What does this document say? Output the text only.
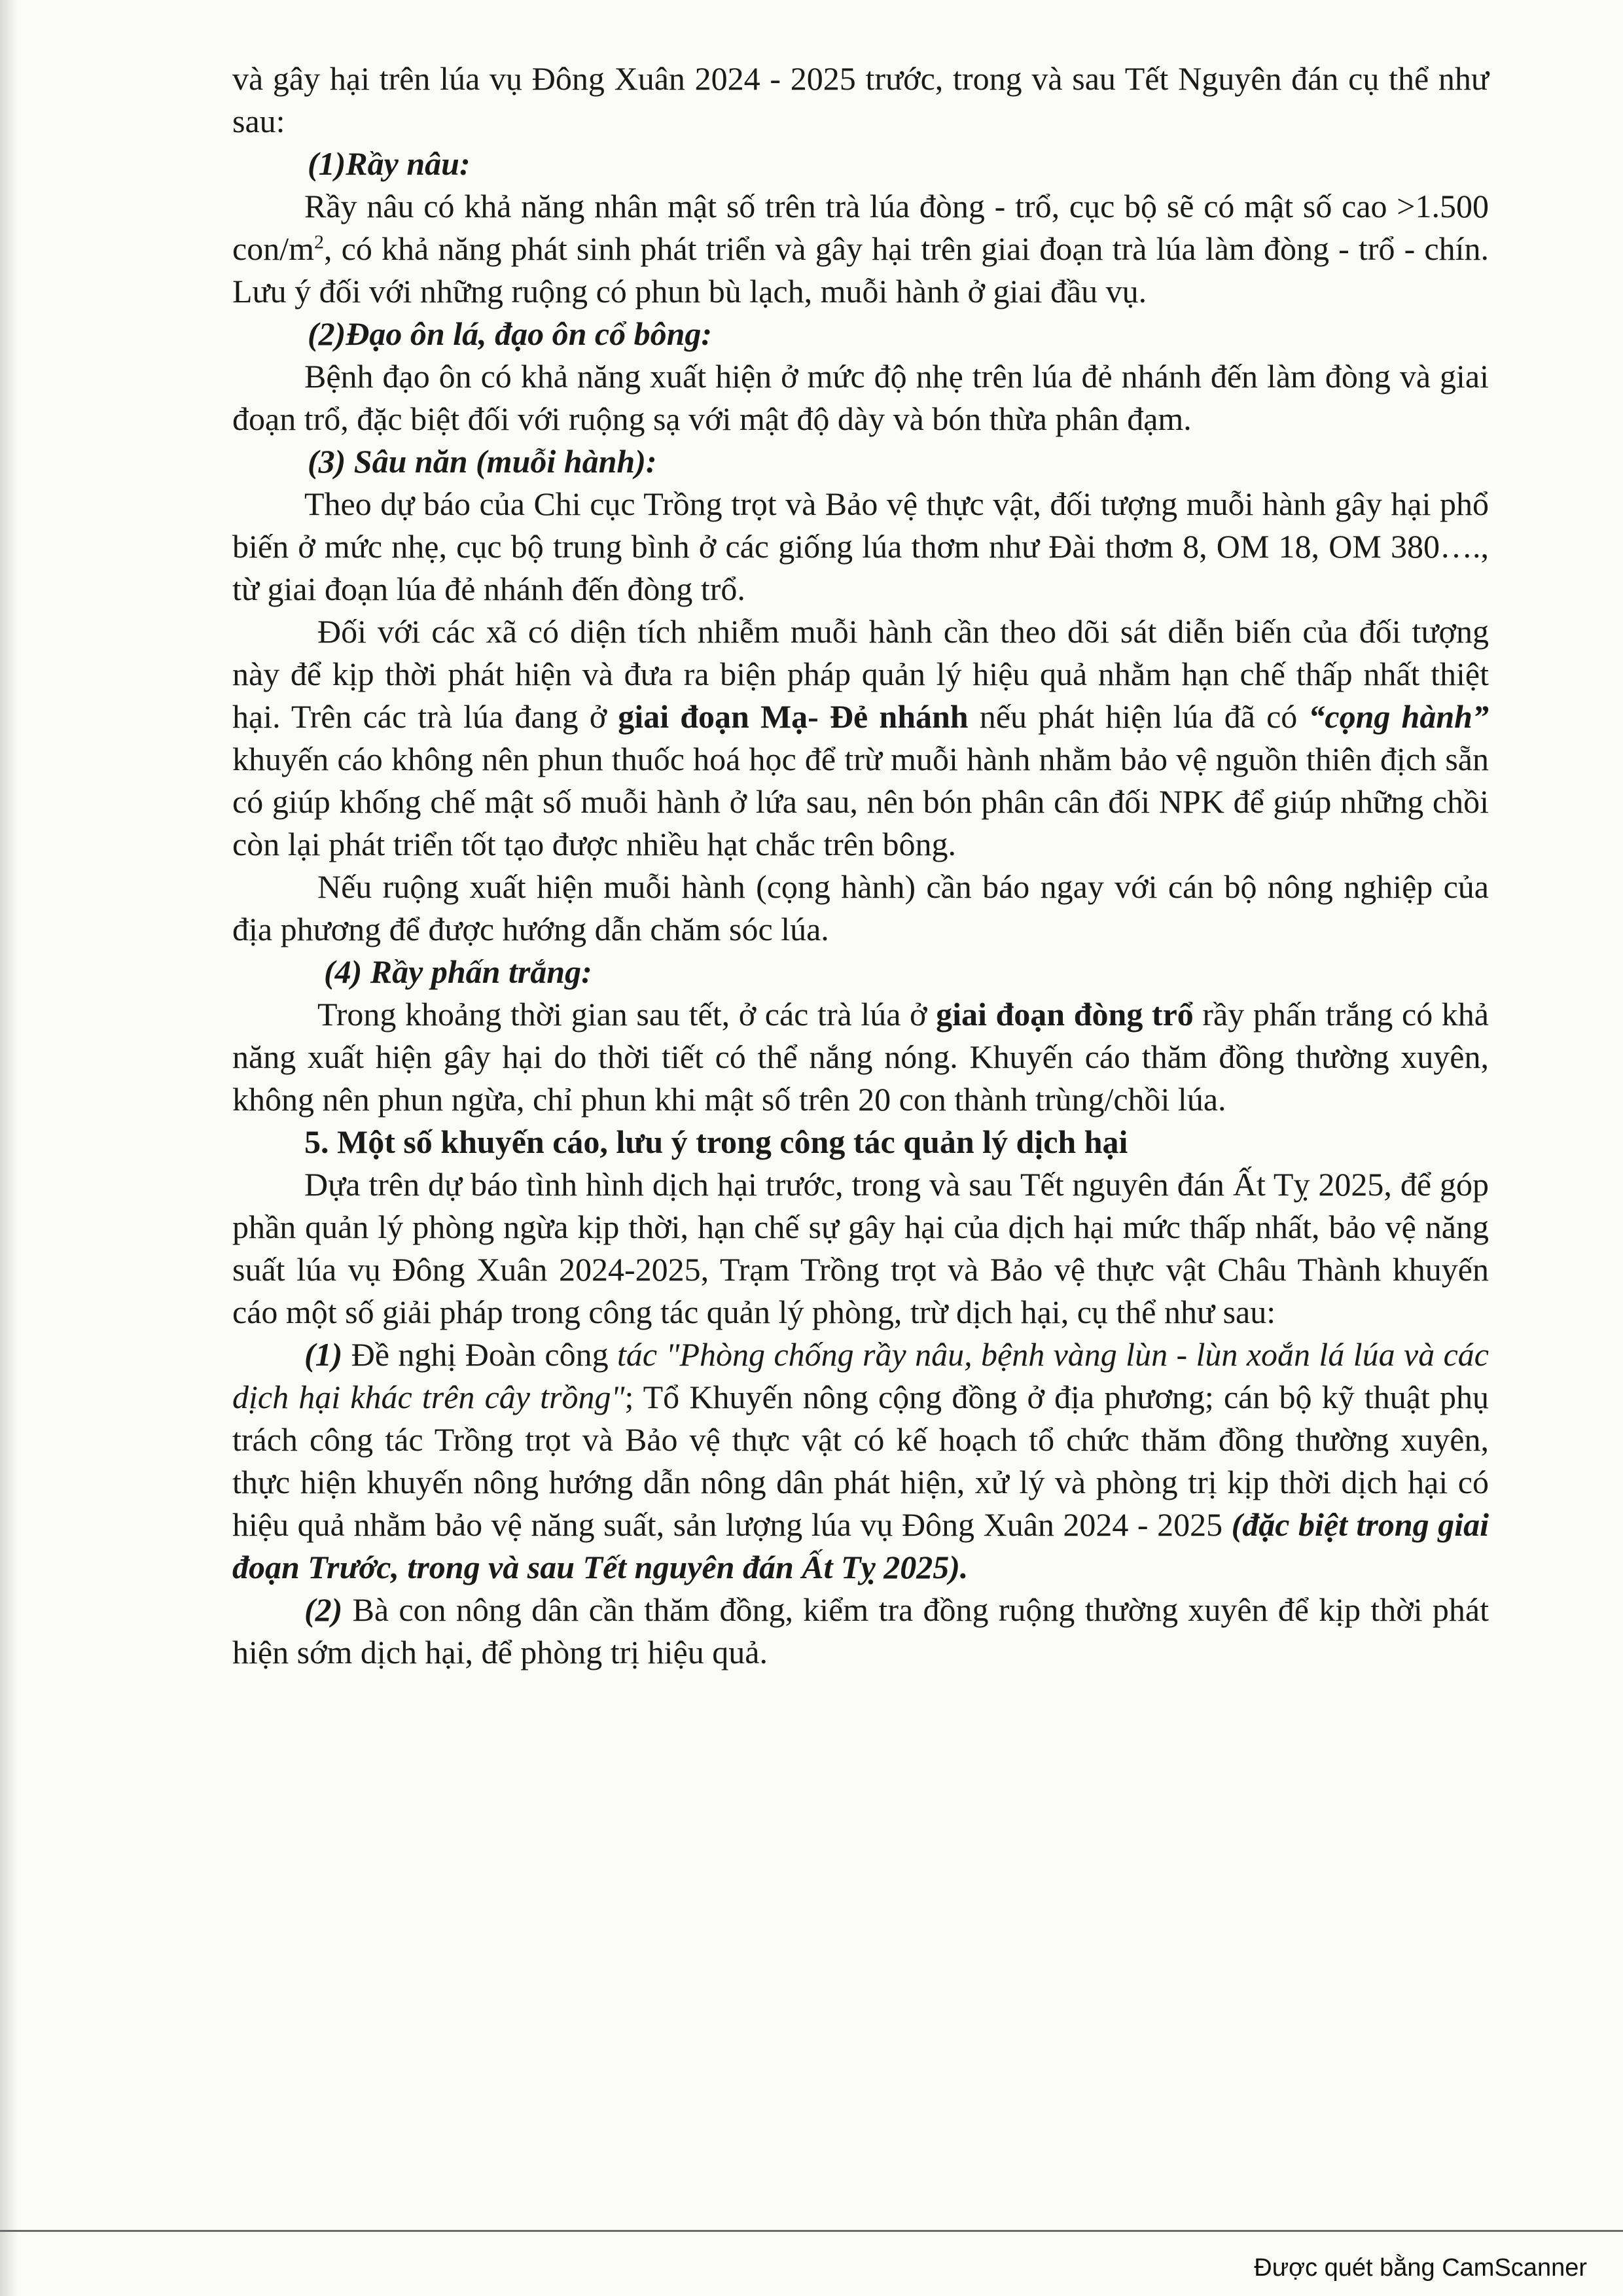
và gây hại trên lúa vụ Đông Xuân 2024 - 2025 trước, trong và sau Tết Nguyên đán cụ thể như sau:

(1)Rầy nâu:

Rầy nâu có khả năng nhân mật số trên trà lúa đòng - trổ, cục bộ sẽ có mật số cao >1.500 con/$m^2$, có khả năng phát sinh phát triển và gây hại trên giai đoạn trà lúa làm đòng - trổ - chín. Lưu ý đối với những ruộng có phun bù lạch, muỗi hành ở giai đầu vụ.

(2)Đạo ôn lá, đạo ôn cổ bông:

Bệnh đạo ôn có khả năng xuất hiện ở mức độ nhẹ trên lúa đẻ nhánh đến làm đòng và giai đoạn trổ, đặc biệt đối với ruộng sạ với mật độ dày và bón thừa phân đạm.

(3) Sâu năn (muỗi hành):

Theo dự báo của Chi cục Trồng trọt và Bảo vệ thực vật, đối tượng muỗi hành gây hại phổ biến ở mức nhẹ, cục bộ trung bình ở các giống lúa thơm như Đài thơm 8, OM 18, OM 380…., từ giai đoạn lúa đẻ nhánh đến đòng trổ.

Đối với các xã có diện tích nhiễm muỗi hành cần theo dõi sát diễn biến của đối tượng này để kịp thời phát hiện và đưa ra biện pháp quản lý hiệu quả nhằm hạn chế thấp nhất thiệt hại. Trên các trà lúa đang ở giai đoạn Mạ- Đẻ nhánh nếu phát hiện lúa đã có “cọng hành” khuyến cáo không nên phun thuốc hoá học để trừ muỗi hành nhằm bảo vệ nguồn thiên địch sẵn có giúp khống chế mật số muỗi hành ở lứa sau, nên bón phân cân đối NPK để giúp những chồi còn lại phát triển tốt tạo được nhiều hạt chắc trên bông.

Nếu ruộng xuất hiện muỗi hành (cọng hành) cần báo ngay với cán bộ nông nghiệp của địa phương để được hướng dẫn chăm sóc lúa.

(4) Rầy phấn trắng:

Trong khoảng thời gian sau tết, ở các trà lúa ở giai đoạn đòng trổ rầy phấn trắng có khả năng xuất hiện gây hại do thời tiết có thể nắng nóng. Khuyến cáo thăm đồng thường xuyên, không nên phun ngừa, chỉ phun khi mật số trên 20 con thành trùng/chồi lúa.

5. Một số khuyến cáo, lưu ý trong công tác quản lý dịch hại

Dựa trên dự báo tình hình dịch hại trước, trong và sau Tết nguyên đán Ất Tỵ 2025, để góp phần quản lý phòng ngừa kịp thời, hạn chế sự gây hại của dịch hại mức thấp nhất, bảo vệ năng suất lúa vụ Đông Xuân 2024-2025, Trạm Trồng trọt và Bảo vệ thực vật Châu Thành khuyến cáo một số giải pháp trong công tác quản lý phòng, trừ dịch hại, cụ thể như sau:

(1) Đề nghị Đoàn công tác "Phòng chống rầy nâu, bệnh vàng lùn - lùn xoắn lá lúa và các dịch hại khác trên cây trồng"; Tổ Khuyến nông cộng đồng ở địa phương; cán bộ kỹ thuật phụ trách công tác Trồng trọt và Bảo vệ thực vật có kế hoạch tổ chức thăm đồng thường xuyên, thực hiện khuyến nông hướng dẫn nông dân phát hiện, xử lý và phòng trị kịp thời dịch hại có hiệu quả nhằm bảo vệ năng suất, sản lượng lúa vụ Đông Xuân 2024 - 2025 (đặc biệt trong giai đoạn Trước, trong và sau Tết nguyên đán Ất Tỵ 2025).

(2) Bà con nông dân cần thăm đồng, kiểm tra đồng ruộng thường xuyên để kịp thời phát hiện sớm dịch hại, để phòng trị hiệu quả.

Được quét bằng CamScanner
